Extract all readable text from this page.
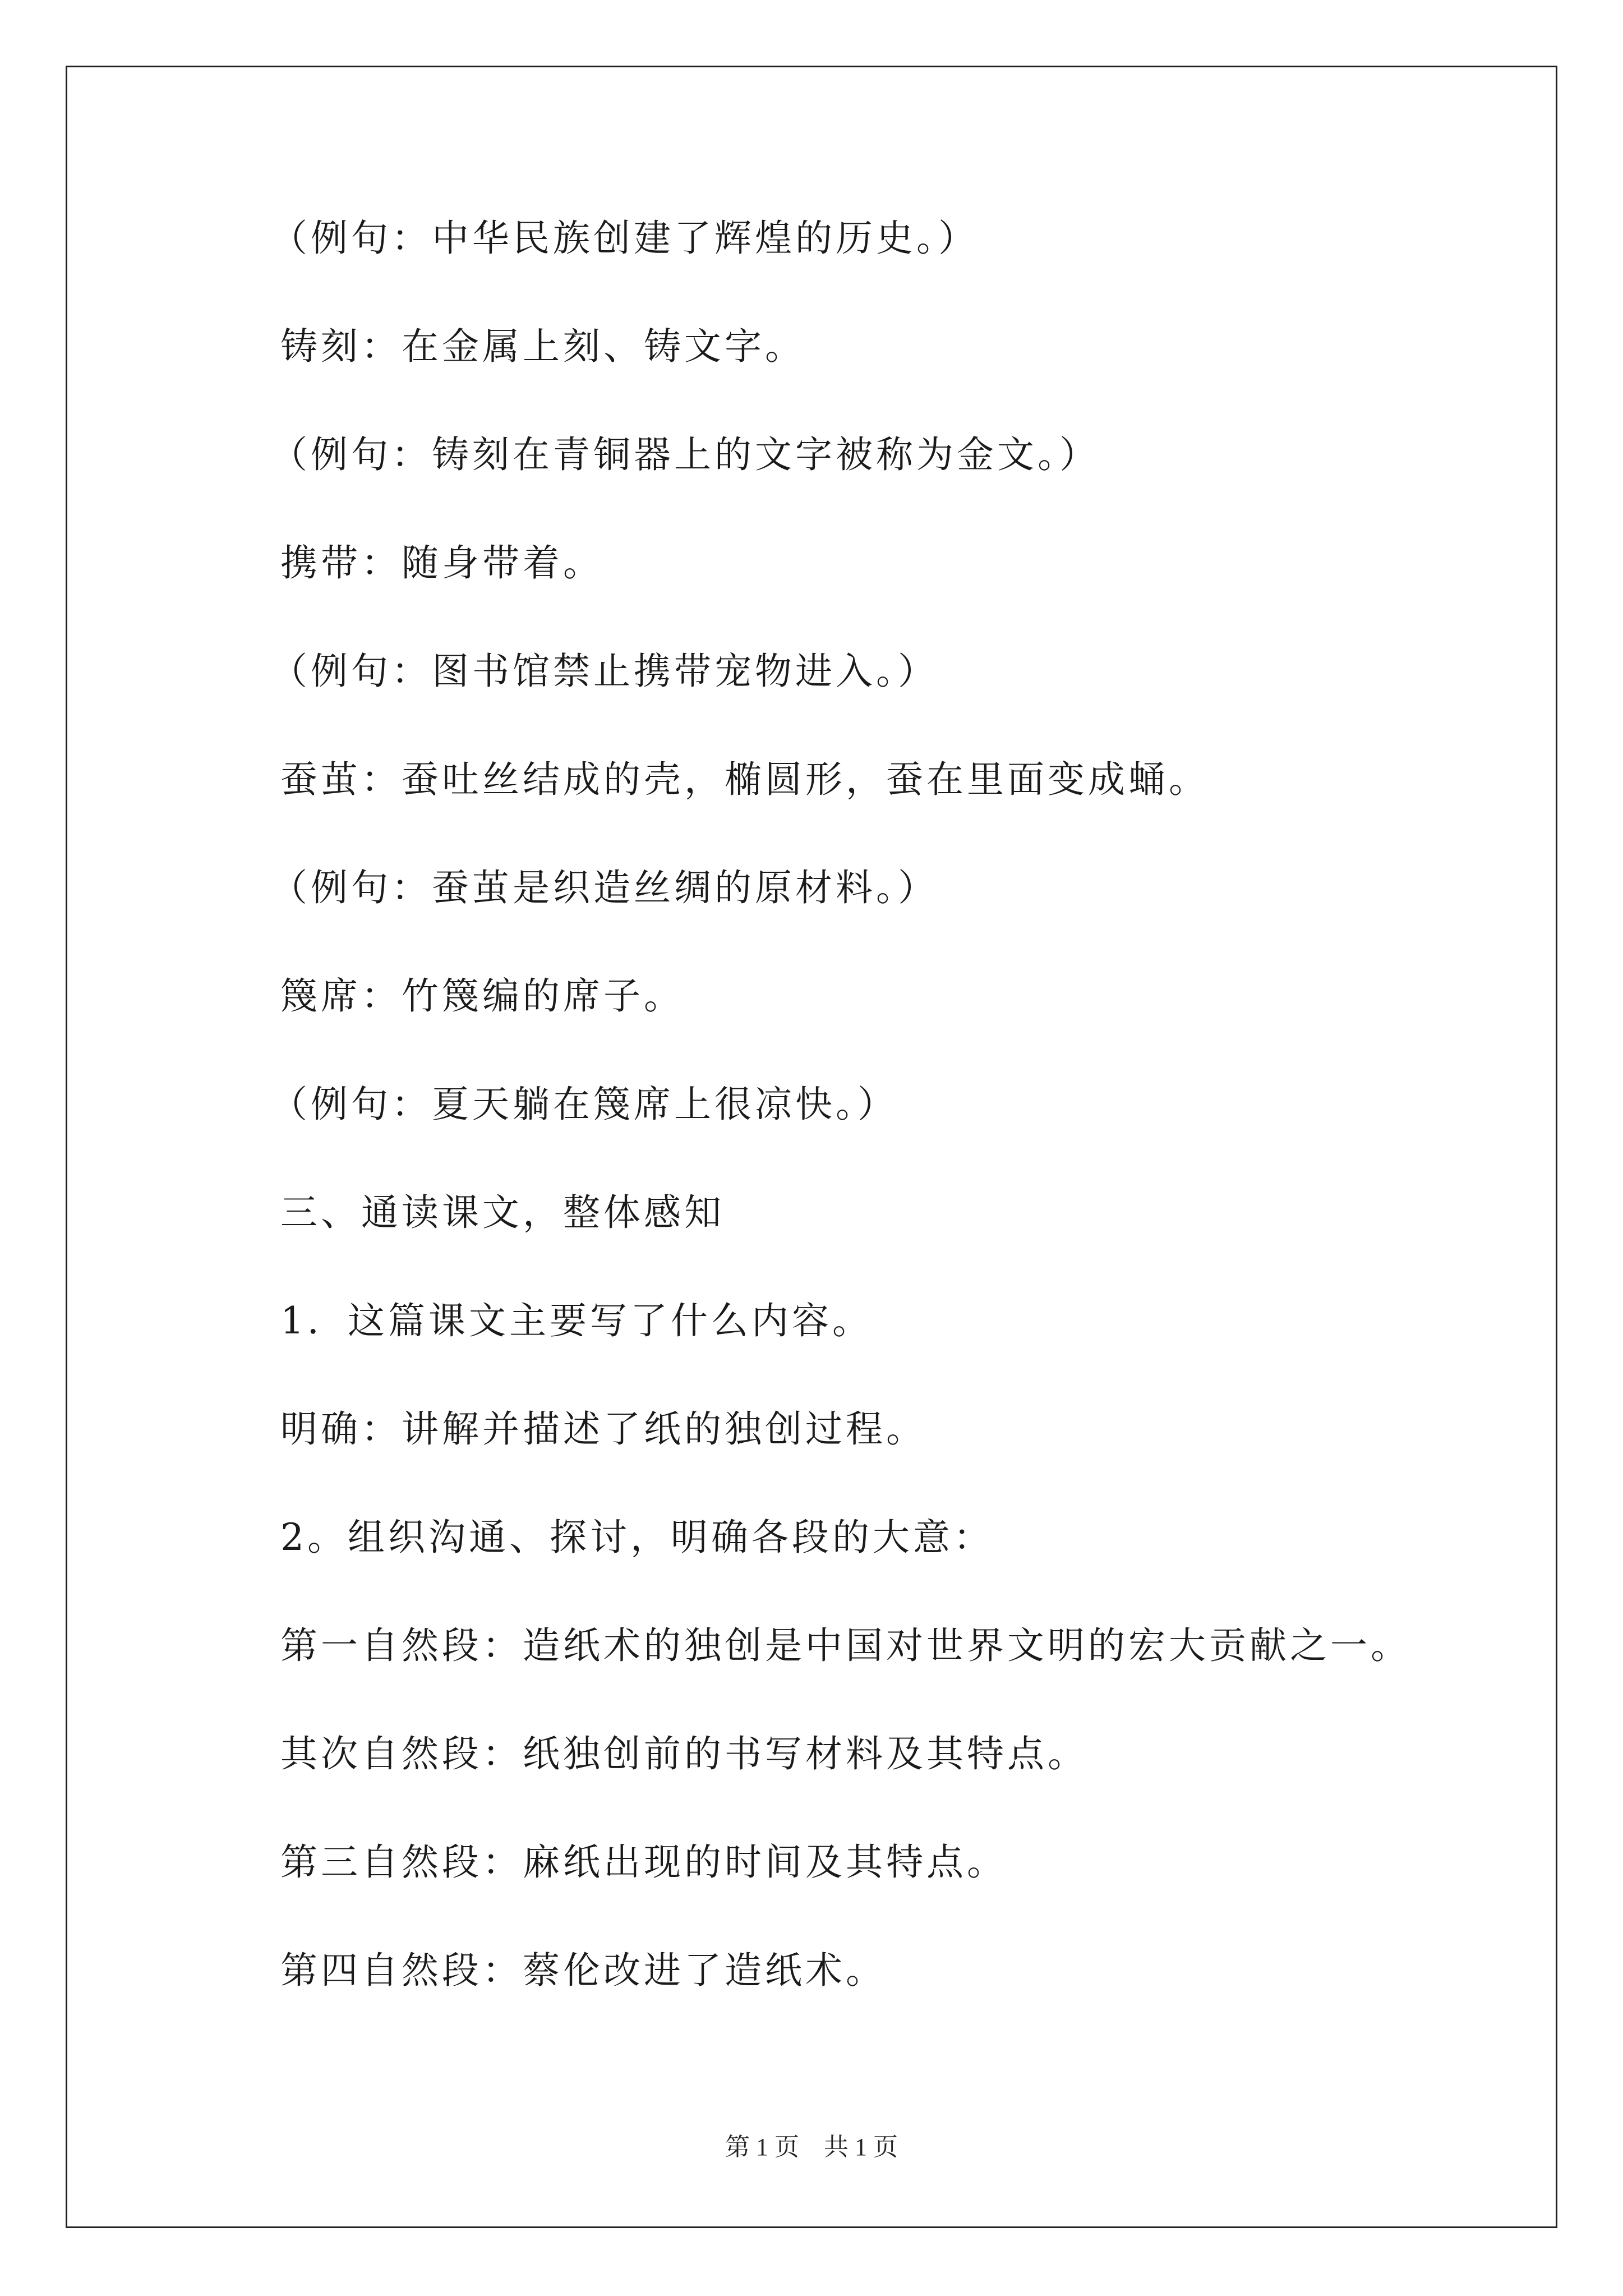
（例句：中华民族创建了辉煌的历史。）

铸刻：在金属上刻、铸文字。

（例句：铸刻在青铜器上的文字被称为金文。）

携带：随身带着。

（例句：图书馆禁止携带宠物进入。）

蚕茧：蚕吐丝结成的壳，椭圆形，蚕在里面变成蛹。

（例句：蚕茧是织造丝绸的原材料。）

篾席：竹篾编的席子。

（例句：夏天躺在篾席上很凉快。）

三、通读课文，整体感知

1．这篇课文主要写了什么内容。

明确：讲解并描述了纸的独创过程。

2。组织沟通、探讨，明确各段的大意：

第一自然段：造纸术的独创是中国对世界文明的宏大贡献之一。

其次自然段：纸独创前的书写材料及其特点。

第三自然段：麻纸出现的时间及其特点。

第四自然段：蔡伦改进了造纸术。

第 1 页　共 1 页
